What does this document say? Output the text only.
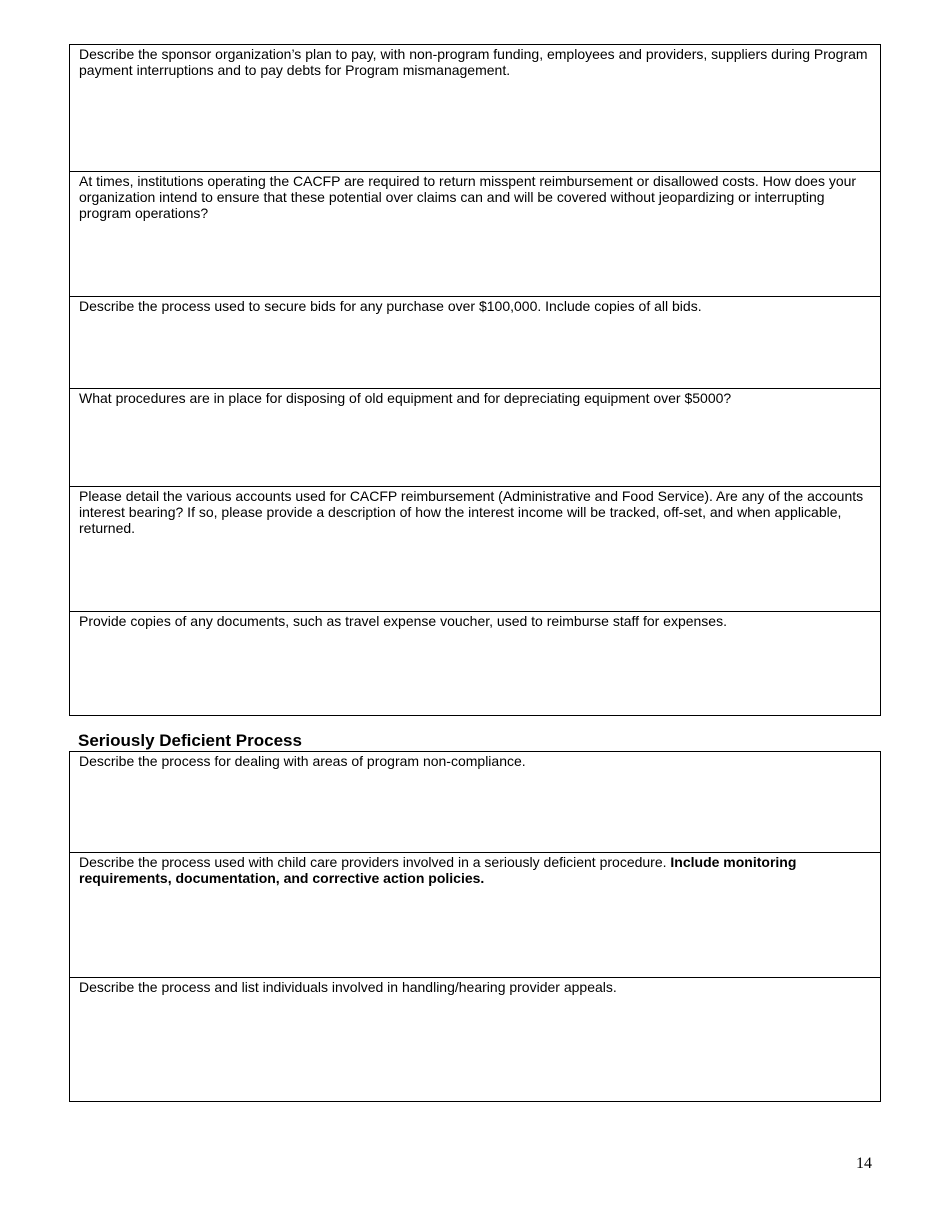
Describe the sponsor organization’s plan to pay, with non-program funding, employees and providers, suppliers during Program payment interruptions and to pay debts for Program mismanagement.

At times, institutions operating the CACFP are required to return misspent reimbursement or disallowed costs. How does your organization intend to ensure that these potential over claims can and will be covered without jeopardizing or interrupting program operations?

Describe the process used to secure bids for any purchase over $100,000. Include copies of all bids.

What procedures are in place for disposing of old equipment and for depreciating equipment over $5000?

Please detail the various accounts used for CACFP reimbursement (Administrative and Food Service). Are any of the accounts interest bearing? If so, please provide a description of how the interest income will be tracked, off-set, and when applicable, returned.

Provide copies of any documents, such as travel expense voucher, used to reimburse staff for expenses.

Seriously Deficient Process

Describe the process for dealing with areas of program non-compliance.

Describe the process used with child care providers involved in a seriously deficient procedure. Include monitoring requirements, documentation, and corrective action policies.

Describe the process and list individuals involved in handling/hearing provider appeals.

14
